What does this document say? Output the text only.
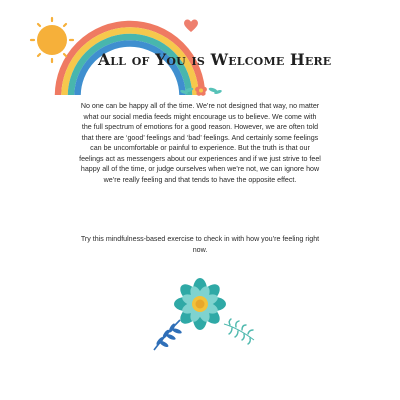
All of You is Welcome Here

No one can be happy all of the time. We’re not designed that way, no matter what our social media feeds might encourage us to believe. We come with the full spectrum of emotions for a good reason. However, we are often told that there are ‘good’ feelings and ‘bad’ feelings. And certainly some feelings can be uncomfortable or painful to experience. But the truth is that our feelings act as messengers about our experiences and if we just strive to feel happy all of the time, or judge ourselves when we’re not, we can ignore how we’re really feeling and that tends to have the opposite effect.

Try this mindfulness-based exercise to check in with how you’re feeling right now.
